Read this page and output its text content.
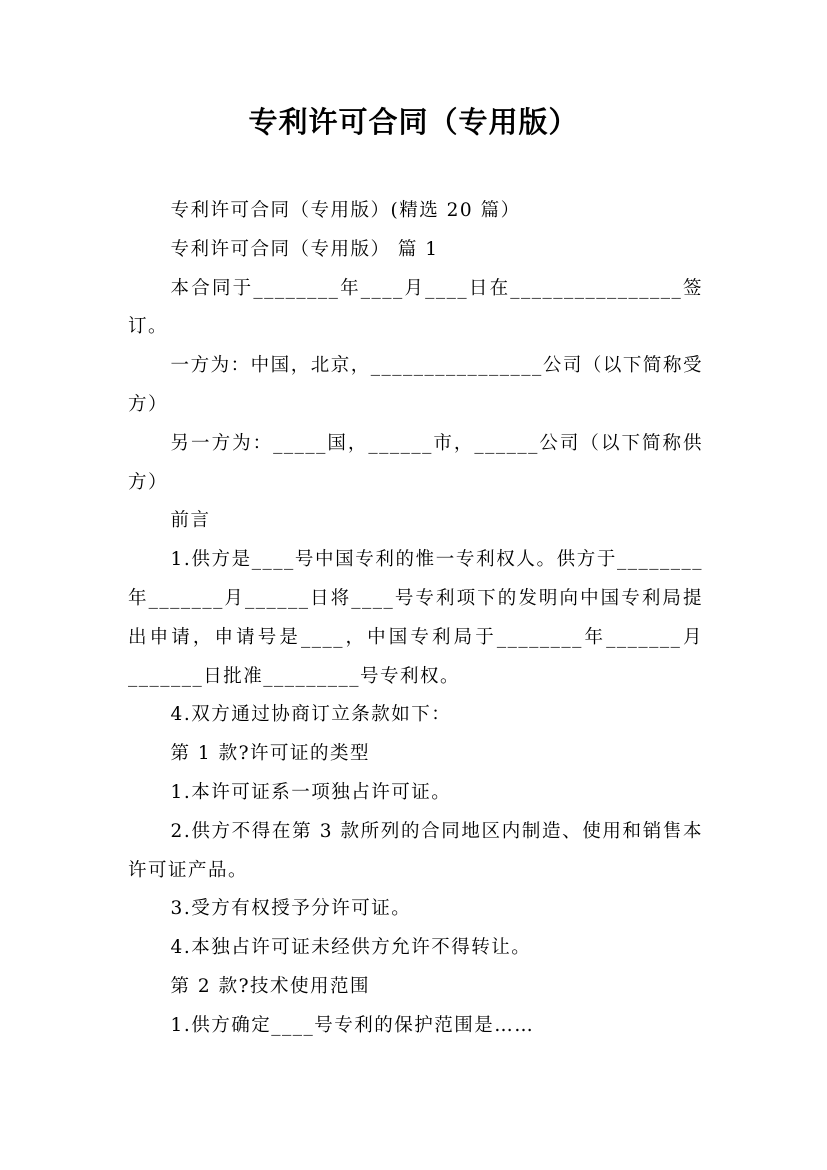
专利许可合同（专用版）

专利许可合同（专用版）(精选 20 篇）

专利许可合同（专用版） 篇 1

本合同于________年____月____日在________________签订。

一方为：中国，北京，________________公司（以下简称受方）

另一方为：_____国，______市，______公司（以下简称供方）

前言

1.供方是____号中国专利的惟一专利权人。供方于________年_______月______日将____号专利项下的发明向中国专利局提出申请，申请号是____，中国专利局于________年_______月_______日批准_________号专利权。

4.双方通过协商订立条款如下：

第 1 款?许可证的类型

1.本许可证系一项独占许可证。

2.供方不得在第 3 款所列的合同地区内制造、使用和销售本许可证产品。

3.受方有权授予分许可证。

4.本独占许可证未经供方允许不得转让。

第 2 款?技术使用范围

1.供方确定____号专利的保护范围是……
